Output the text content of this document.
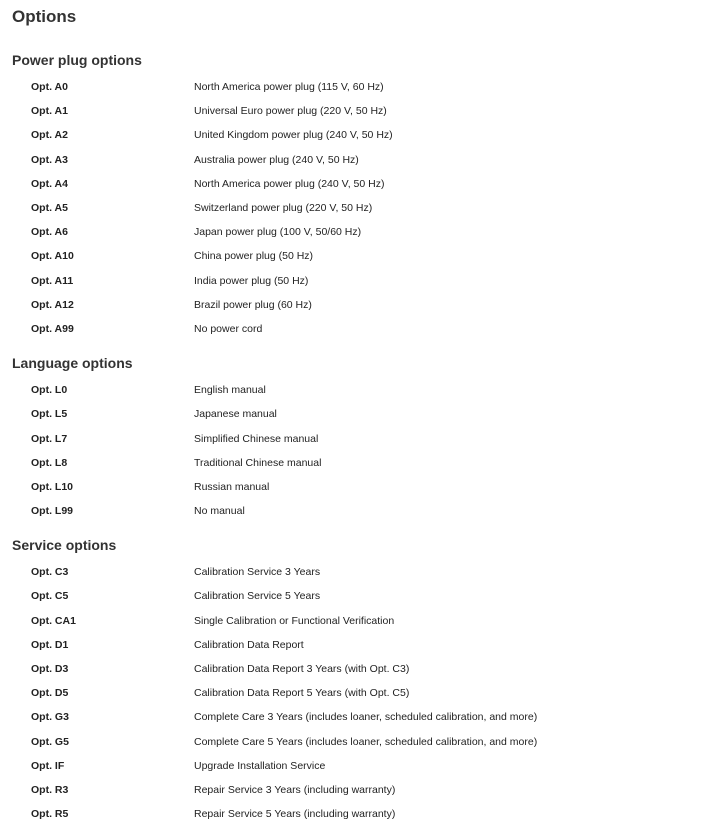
Options
Power plug options
Opt. A0	North America power plug (115 V, 60 Hz)
Opt. A1	Universal Euro power plug (220 V, 50 Hz)
Opt. A2	United Kingdom power plug (240 V, 50 Hz)
Opt. A3	Australia power plug (240 V, 50 Hz)
Opt. A4	North America power plug (240 V, 50 Hz)
Opt. A5	Switzerland power plug (220 V, 50 Hz)
Opt. A6	Japan power plug (100 V, 50/60 Hz)
Opt. A10	China power plug (50 Hz)
Opt. A11	India power plug (50 Hz)
Opt. A12	Brazil power plug (60 Hz)
Opt. A99	No power cord
Language options
Opt. L0	English manual
Opt. L5	Japanese manual
Opt. L7	Simplified Chinese manual
Opt. L8	Traditional Chinese manual
Opt. L10	Russian manual
Opt. L99	No manual
Service options
Opt. C3	Calibration Service 3 Years
Opt. C5	Calibration Service 5 Years
Opt. CA1	Single Calibration or Functional Verification
Opt. D1	Calibration Data Report
Opt. D3	Calibration Data Report 3 Years (with Opt. C3)
Opt. D5	Calibration Data Report 5 Years (with Opt. C5)
Opt. G3	Complete Care 3 Years (includes loaner, scheduled calibration, and more)
Opt. G5	Complete Care 5 Years (includes loaner, scheduled calibration, and more)
Opt. IF	Upgrade Installation Service
Opt. R3	Repair Service 3 Years (including warranty)
Opt. R5	Repair Service 5 Years (including warranty)
